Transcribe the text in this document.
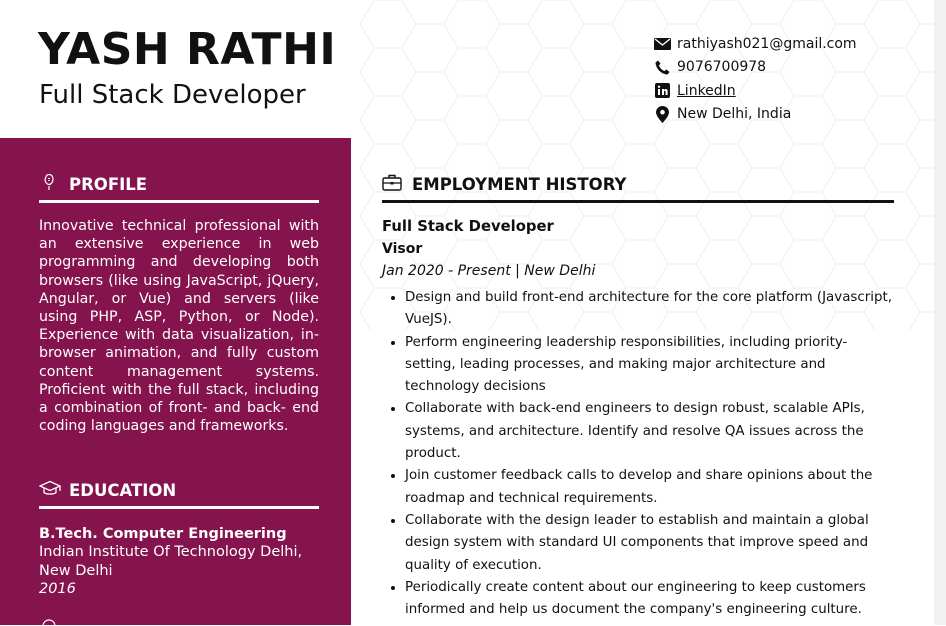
YASH RATHI
Full Stack Developer
rathiyash021@gmail.com
9076700978
LinkedIn
New Delhi, India
PROFILE

Innovative technical professional with an extensive experience in web programming and developing both browsers (like using JavaScript, jQuery, Angular, or Vue) and servers (like using PHP, ASP, Python, or Node). Experience with data visualization, in- browser animation, and fully custom content management systems. Proficient with the full stack, including a combination of front- and back- end coding languages and frameworks.

EDUCATION

B.Tech. Computer Engineering

Indian Institute Of Technology Delhi, New Delhi

2016

EMPLOYMENT HISTORY

Full Stack Developer

Visor

Jan 2020 - Present | New Delhi

• Design and build front-end architecture for the core platform (Javascript, VueJS).
• Perform engineering leadership responsibilities, including priority-setting, leading processes, and making major architecture and technology decisions
• Collaborate with back-end engineers to design robust, scalable APIs, systems, and architecture. Identify and resolve QA issues across the product.
• Join customer feedback calls to develop and share opinions about the roadmap and technical requirements.
• Collaborate with the design leader to establish and maintain a global design system with standard UI components that improve speed and quality of execution.
• Periodically create content about our engineering to keep customers informed and help us document the company's engineering culture.
